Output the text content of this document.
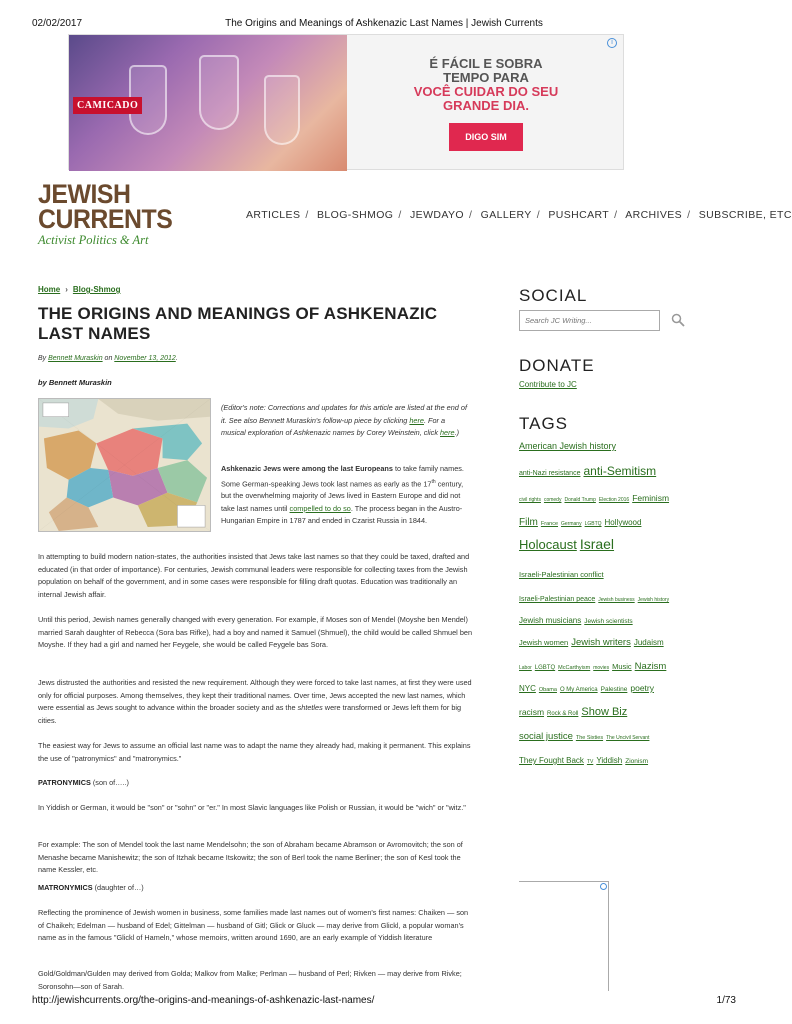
02/02/2017	The Origins and Meanings of Ashkenazic Last Names | Jewish Currents
CAMICADO
É FÁCIL E SOBRA
TEMPO PARA
VOCÊ CUIDAR DO SEU
GRANDE DIA.
DIGO SIM
i
JEWISH
CURRENTS
Activist Politics & Art
ARTICLES / BLOG-SHMOG / JEWDAYO / GALLERY / PUSHCART / ARCHIVES / SUBSCRIBE, ETC
Home › Blog-Shmog
THE ORIGINS AND MEANINGS OF ASHKENAZIC LAST NAMES
By Bennett Muraskin on November 13, 2012.
by Bennett Muraskin
(Editor's note: Corrections and updates for this article are listed at the end of it. See also Bennett Muraskin's follow-up piece by clicking here. For a musical exploration of Ashkenazic names by Corey Weinstein, click here.)
Ashkenazic Jews were among the last Europeans to take family names. Some German-speaking Jews took last names as early as the 17th century, but the overwhelming majority of Jews lived in Eastern Europe and did not take last names until compelled to do so. The process began in the Austro-Hungarian Empire in 1787 and ended in Czarist Russia in 1844.

In attempting to build modern nation-states, the authorities insisted that Jews take last names so that they could be taxed, drafted and educated (in that order of importance). For centuries, Jewish communal leaders were responsible for collecting taxes from the Jewish population on behalf of the government, and in some cases were responsible for filling draft quotas. Education was traditionally an internal Jewish affair.

Until this period, Jewish names generally changed with every generation. For example, if Moses son of Mendel (Moyshe ben Mendel) married Sarah daughter of Rebecca (Sora bas Rifke), had a boy and named it Samuel (Shmuel), the child would be called Shmuel ben Moyshe. If they had a girl and named her Feygele, she would be called Feygele bas Sora.

Jews distrusted the authorities and resisted the new requirement. Although they were forced to take last names, at first they were used only for official purposes. Among themselves, they kept their traditional names. Over time, Jews accepted the new last names, which were essential as Jews sought to advance within the broader society and as the shtetles were transformed or Jews left them for big cities.

The easiest way for Jews to assume an official last name was to adapt the name they already had, making it permanent. This explains the use of "patronymics" and "matronymics."

PATRONYMICS (son of…..)

In Yiddish or German, it would be "son" or "sohn" or "er." In most Slavic languages like Polish or Russian, it would be "wich" or "witz."

For example: The son of Mendel took the last name Mendelsohn; the son of Abraham became Abramson or Avromovitch; the son of Menashe became Manishewitz; the son of Itzhak became Itskowitz; the son of Berl took the name Berliner; the son of Kesl took the name Kessler, etc.

MATRONYMICS (daughter of…)

Reflecting the prominence of Jewish women in business, some families made last names out of women's first names: Chaiken — son of Chaikeh; Edelman — husband of Edel; Gittelman — husband of Gitl; Glick or Gluck — may derive from Glickl, a popular woman's name as in the famous "Glickl of Hameln," whose memoirs, written around 1690, are an early example of Yiddish literature

Gold/Goldman/Gulden may derived from Golda; Malkov from Malke; Perlman — husband of Perl; Rivken — may derive from Rivke; Soronsohn—son of Sarah.

SOCIAL
Search JC Writing...
DONATE
Contribute to JC
TAGS
American Jewish history
anti-Nazi resistance anti-Semitism
civil rights comedy Donald Trump Election 2016 Feminism
Film France Germany LGBTQ Hollywood
Holocaust Israel
Israeli-Palestinian conflict
Israeli-Palestinian peace Jewish business Jewish history
Jewish musicians Jewish scientists
Jewish women Jewish writers Judaism
Labor LGBTQ McCarthyism movies Music Nazism
NYC Obama O My America Palestine poetry
racism Rock & Roll Show Biz
social justice The Sixties The Uncivil Servant
They Fought Back TV Yiddish Zionism
http://jewishcurrents.org/the-origins-and-meanings-of-ashkenazic-last-names/	1/73
